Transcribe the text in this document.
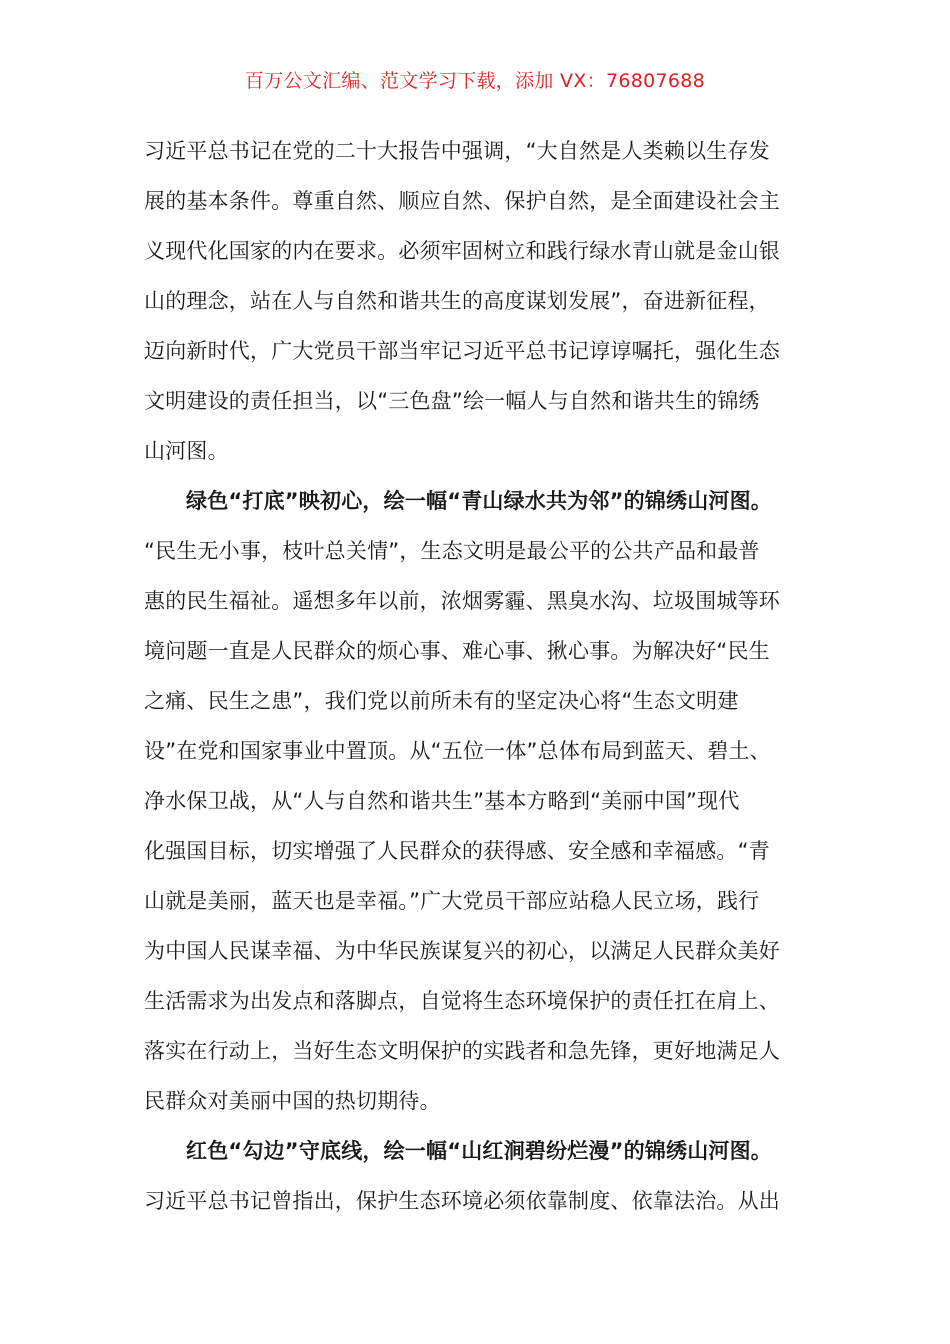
百万公文汇编、范文学习下载，添加 VX：76807688
习近平总书记在党的二十大报告中强调，“大自然是人类赖以生存发
展的基本条件。尊重自然、顺应自然、保护自然，是全面建设社会主
义现代化国家的内在要求。必须牢固树立和践行绿水青山就是金山银
山的理念，站在人与自然和谐共生的高度谋划发展”，奋进新征程，
迈向新时代，广大党员干部当牢记习近平总书记谆谆嘱托，强化生态
文明建设的责任担当，以“三色盘”绘一幅人与自然和谐共生的锦绣
山河图。
绿色“打底”映初心，绘一幅“青山绿水共为邻”的锦绣山河图。
“民生无小事，枝叶总关情”，生态文明是最公平的公共产品和最普
惠的民生福祉。遥想多年以前，浓烟雾霾、黑臭水沟、垃圾围城等环
境问题一直是人民群众的烦心事、难心事、揪心事。为解决好“民生
之痛、民生之患”，我们党以前所未有的坚定决心将“生态文明建
设”在党和国家事业中置顶。从“五位一体”总体布局到蓝天、碧土、
净水保卫战，从“人与自然和谐共生”基本方略到“美丽中国”现代
化强国目标，切实增强了人民群众的获得感、安全感和幸福感。“青
山就是美丽，蓝天也是幸福。”广大党员干部应站稳人民立场，践行
为中国人民谋幸福、为中华民族谋复兴的初心，以满足人民群众美好
生活需求为出发点和落脚点，自觉将生态环境保护的责任扛在肩上、
落实在行动上，当好生态文明保护的实践者和急先锋，更好地满足人
民群众对美丽中国的热切期待。
红色“勾边”守底线，绘一幅“山红涧碧纷烂漫”的锦绣山河图。
习近平总书记曾指出，保护生态环境必须依靠制度、依靠法治。从出
